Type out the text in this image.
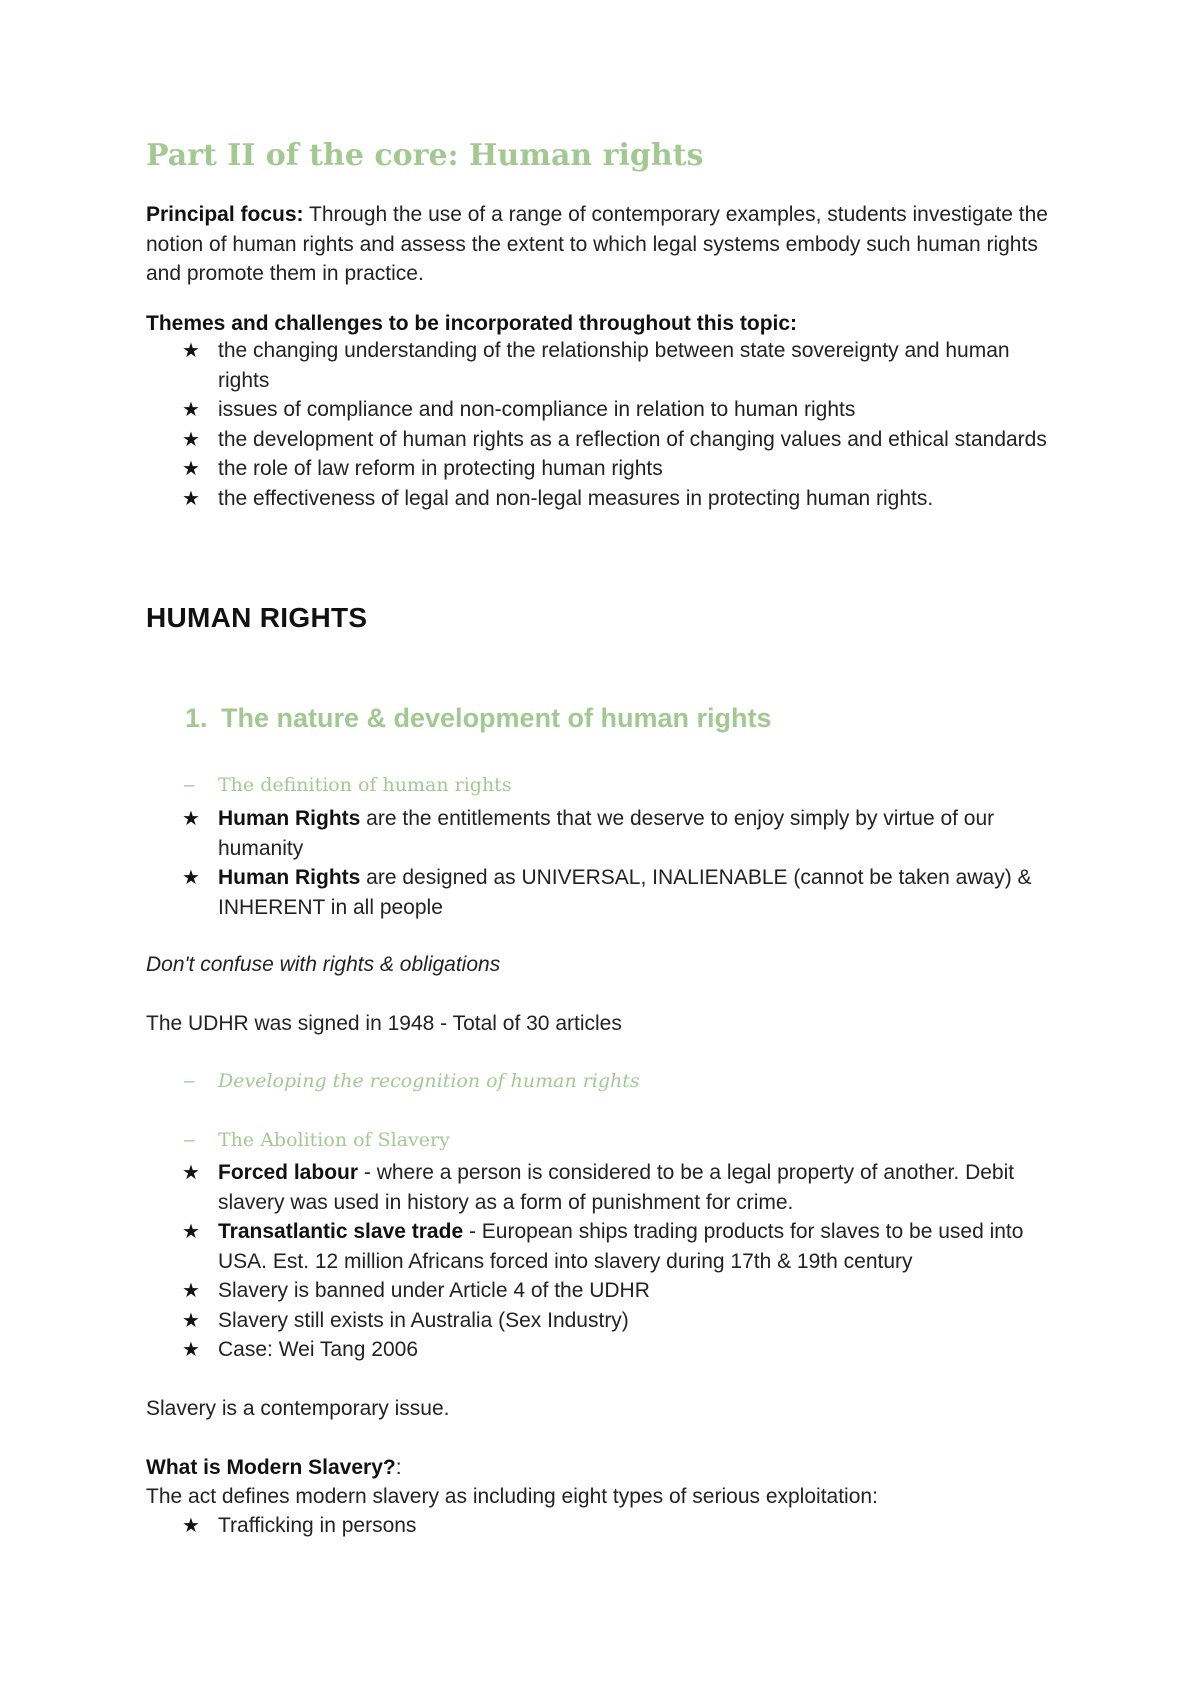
Part II of the core: Human rights

Principal focus: Through the use of a range of contemporary examples, students investigate the notion of human rights and assess the extent to which legal systems embody such human rights and promote them in practice.

Themes and challenges to be incorporated throughout this topic:

★ the changing understanding of the relationship between state sovereignty and human rights
★ issues of compliance and non-compliance in relation to human rights
★ the development of human rights as a reflection of changing values and ethical standards
★ the role of law reform in protecting human rights
★ the effectiveness of legal and non-legal measures in protecting human rights.
HUMAN RIGHTS
1. The nature & development of human rights

– The definition of human rights

★ Human Rights are the entitlements that we deserve to enjoy simply by virtue of our humanity
★ Human Rights are designed as UNIVERSAL, INALIENABLE (cannot be taken away) & INHERENT in all people

Don't confuse with rights & obligations

The UDHR was signed in 1948 - Total of 30 articles

– Developing the recognition of human rights

– The Abolition of Slavery

★ Forced labour - where a person is considered to be a legal property of another. Debit slavery was used in history as a form of punishment for crime.
★ Transatlantic slave trade - European ships trading products for slaves to be used into USA. Est. 12 million Africans forced into slavery during 17th & 19th century
★ Slavery is banned under Article 4 of the UDHR
★ Slavery still exists in Australia (Sex Industry)
★ Case: Wei Tang 2006

Slavery is a contemporary issue.

What is Modern Slavery?:

The act defines modern slavery as including eight types of serious exploitation:

★ Trafficking in persons
